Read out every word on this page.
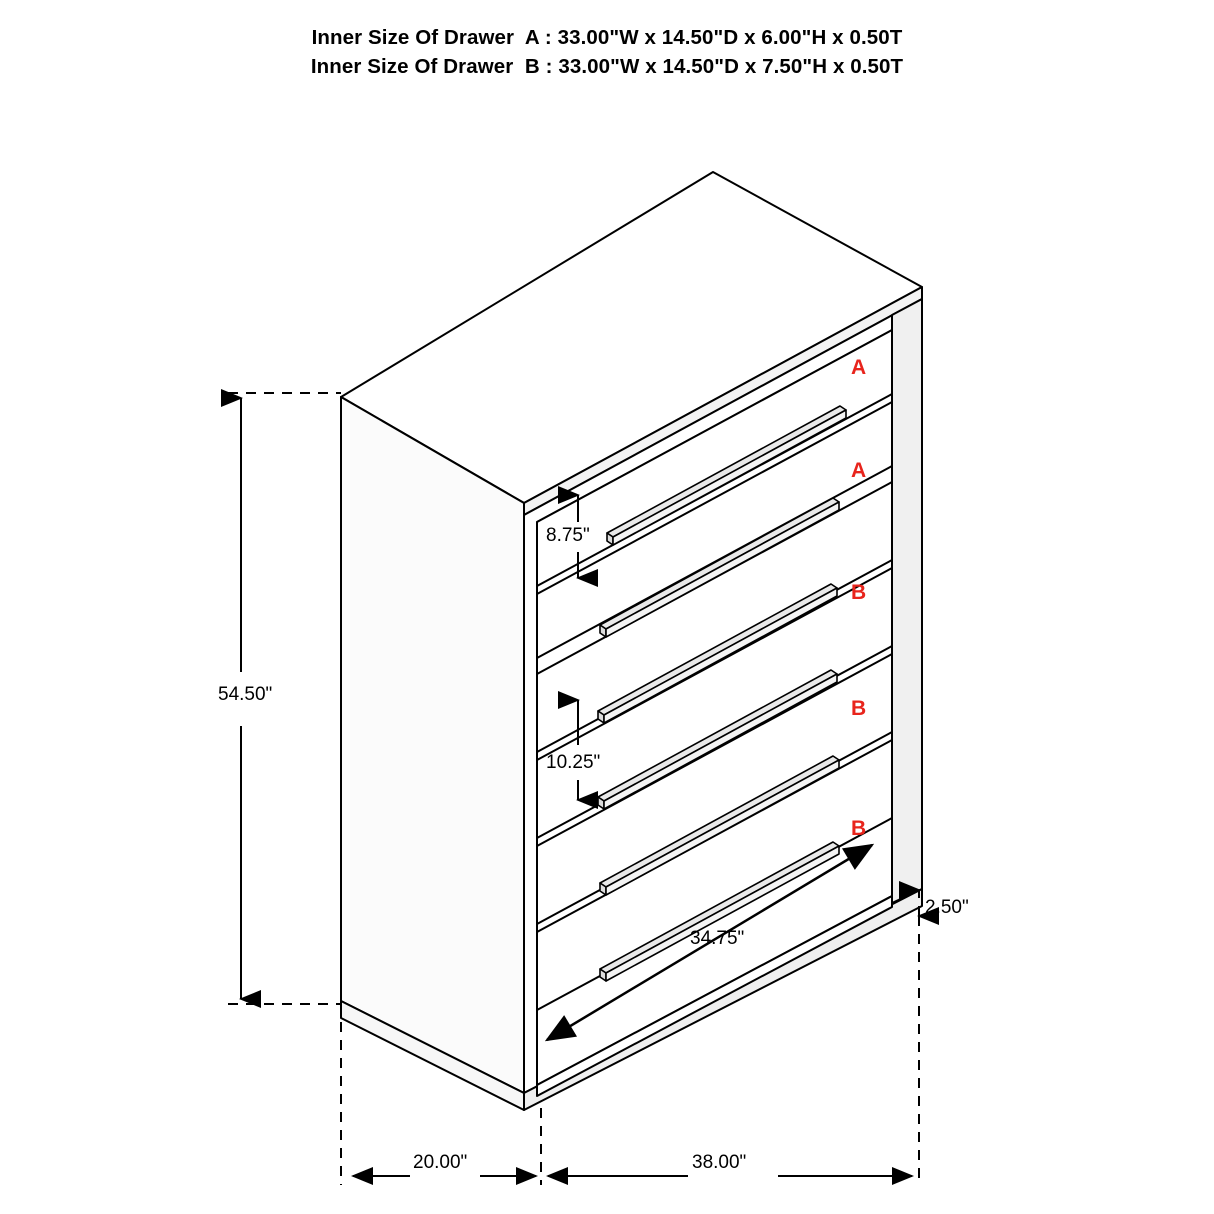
Inner Size Of Drawer  A : 33.00"W x 14.50"D x 6.00"H x 0.50T
Inner Size Of Drawer  B : 33.00"W x 14.50"D x 7.50"H x 0.50T
54.50"
8.75"
10.25"
2.50"
34.75"
20.00"	38.00"
A
A
B
B
B
